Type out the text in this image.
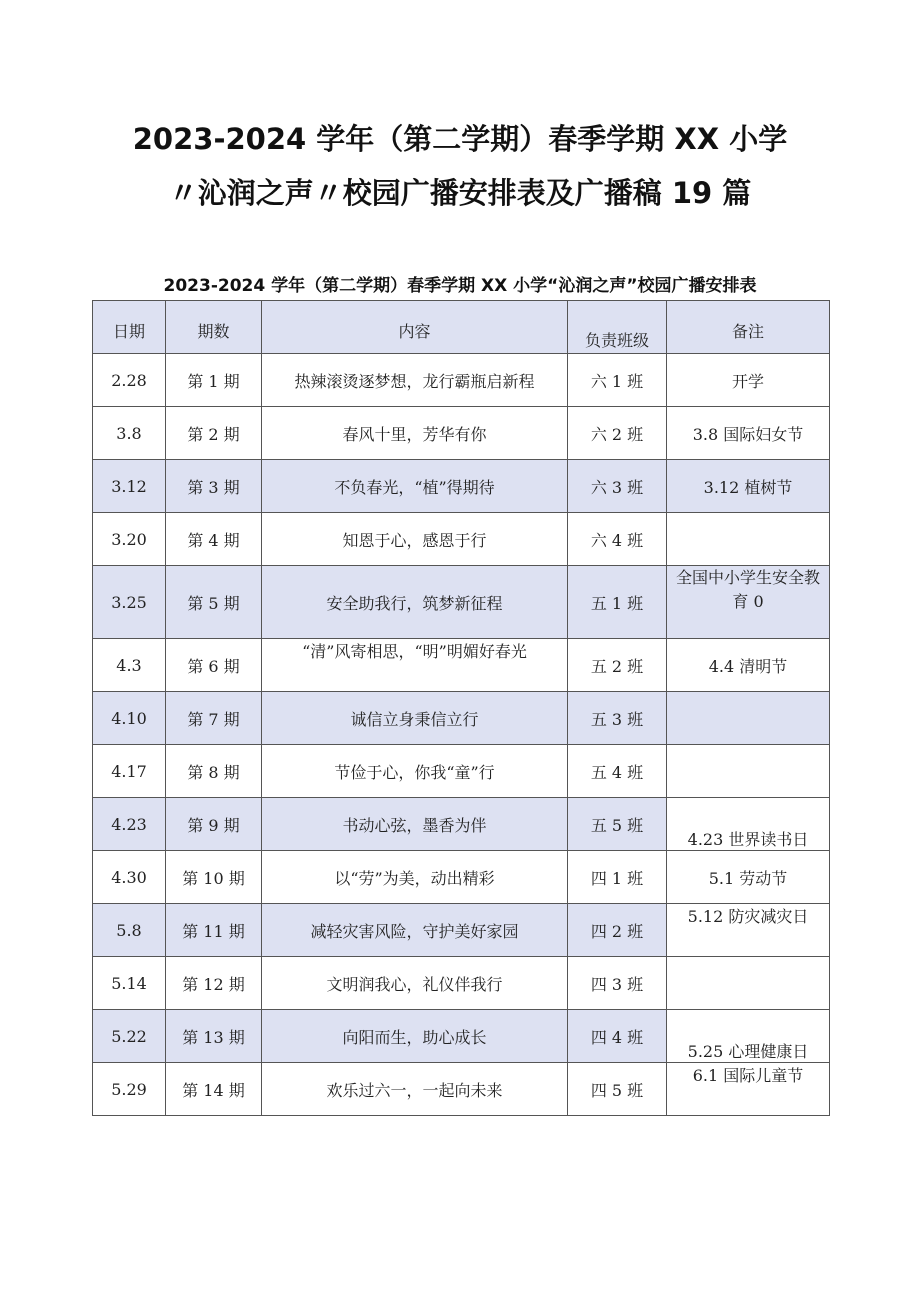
2023-2024 学年（第二学期）春季学期 XX 小学
〃沁润之声〃校园广播安排表及广播稿 19 篇
2023-2024 学年（第二学期）春季学期 XX 小学“沁润之声”校园广播安排表
日期	期数	内容	负责班级	备注
2.28	第 1 期	热辣滚烫逐梦想，龙行霸瓶启新程	六 1 班	开学
3.8	第 2 期	春风十里，芳华有你	六 2 班	3.8 国际妇女节
3.12	第 3 期	不负春光，“植”得期待	六 3 班	3.12 植树节
3.20	第 4 期	知恩于心，感恩于行	六 4 班	
3.25	第 5 期	安全助我行，筑梦新征程	五 1 班	全国中小学生安全教育 0
4.3	第 6 期	“清”风寄相思，“明”明媚好春光	五 2 班	4.4 清明节
4.10	第 7 期	诚信立身秉信立行	五 3 班	
4.17	第 8 期	节俭于心，你我“童”行	五 4 班	
4.23	第 9 期	书动心弦，墨香为伴	五 5 班	4.23 世界读书日
4.30	第 10 期	以“劳”为美，动出精彩	四 1 班	5.1 劳动节
5.8	第 11 期	减轻灾害风险，守护美好家园	四 2 班	5.12 防灾减灾日
5.14	第 12 期	文明润我心，礼仪伴我行	四 3 班	
5.22	第 13 期	向阳而生，助心成长	四 4 班	5.25 心理健康日
5.29	第 14 期	欢乐过六一，一起向未来	四 5 班	6.1 国际儿童节
